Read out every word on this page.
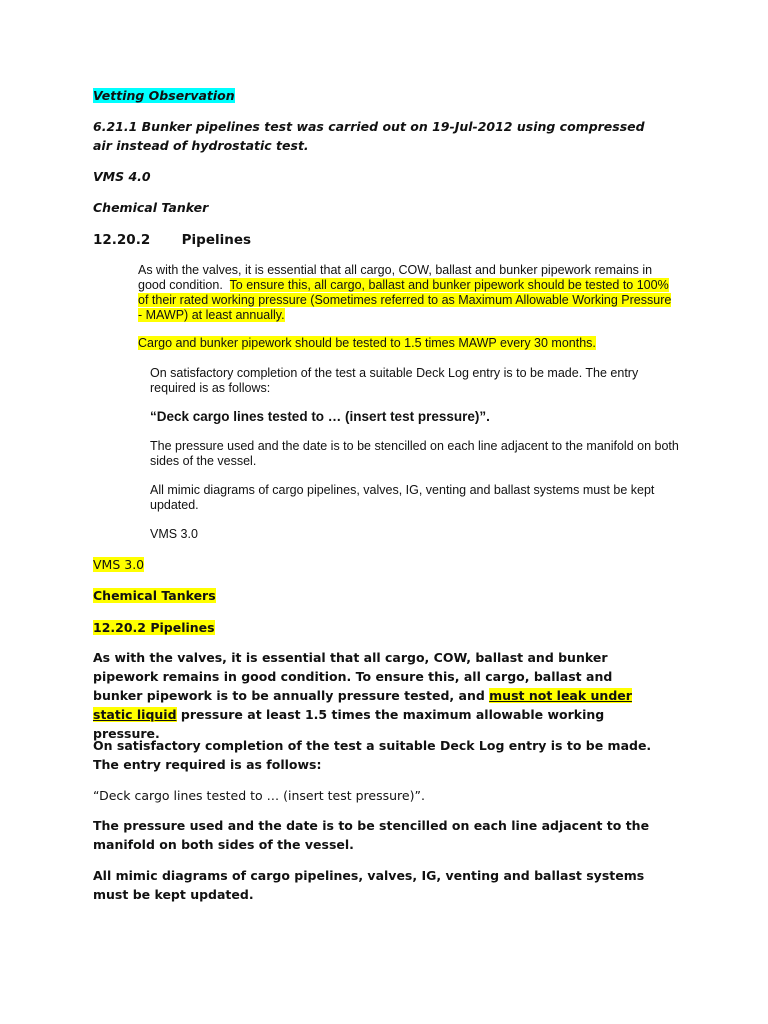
Vetting Observation

6.21.1 Bunker pipelines test was carried out on 19-Jul-2012 using compressed air instead of hydrostatic test.

VMS 4.0

Chemical Tanker

12.20.2 Pipelines

As with the valves, it is essential that all cargo, COW, ballast and bunker pipework remains in good condition. To ensure this, all cargo, ballast and bunker pipework should be tested to 100% of their rated working pressure (Sometimes referred to as Maximum Allowable Working Pressure - MAWP) at least annually.

Cargo and bunker pipework should be tested to 1.5 times MAWP every 30 months.

On satisfactory completion of the test a suitable Deck Log entry is to be made. The entry required is as follows:

“Deck cargo lines tested to … (insert test pressure)”.

The pressure used and the date is to be stencilled on each line adjacent to the manifold on both sides of the vessel.

All mimic diagrams of cargo pipelines, valves, IG, venting and ballast systems must be kept updated.

VMS 3.0

VMS 3.0

Chemical Tankers

12.20.2 Pipelines

As with the valves, it is essential that all cargo, COW, ballast and bunker pipework remains in good condition. To ensure this, all cargo, ballast and bunker pipework is to be annually pressure tested, and must not leak under static liquid pressure at least 1.5 times the maximum allowable working pressure.

On satisfactory completion of the test a suitable Deck Log entry is to be made. The entry required is as follows:

“Deck cargo lines tested to … (insert test pressure)”.

The pressure used and the date is to be stencilled on each line adjacent to the manifold on both sides of the vessel.

All mimic diagrams of cargo pipelines, valves, IG, venting and ballast systems must be kept updated.
